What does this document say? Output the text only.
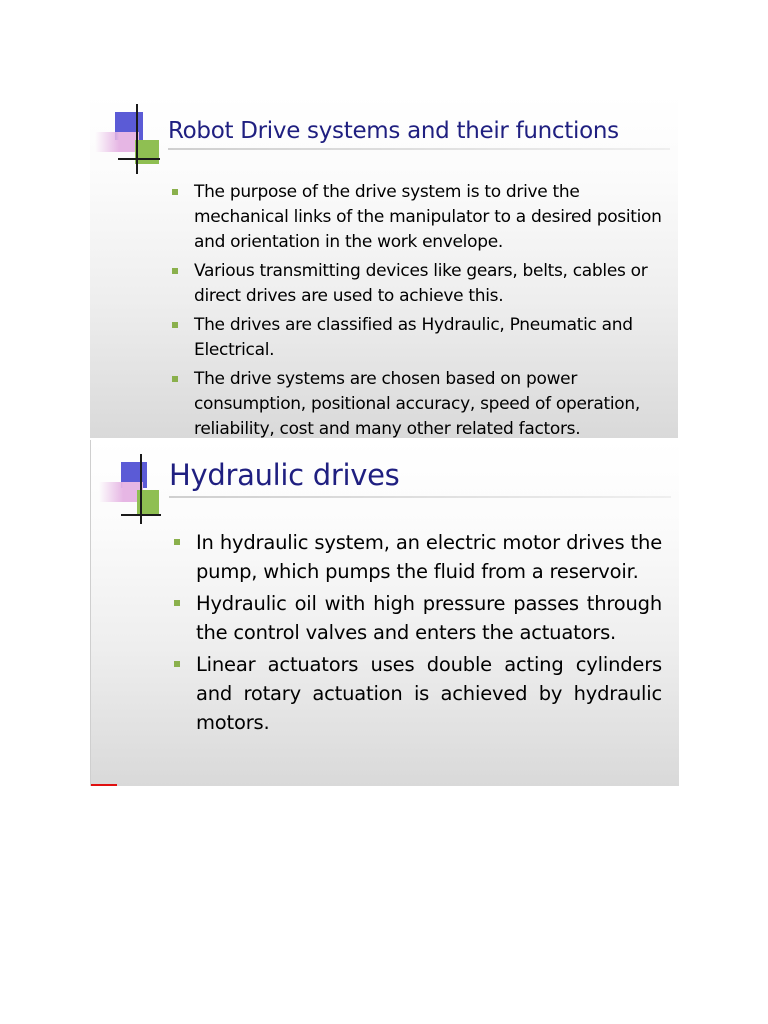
Robot Drive systems and their functions
The purpose of the drive system is to drive the mechanical links of the manipulator to a desired position and orientation in the work envelope.
Various transmitting devices like gears, belts, cables or direct drives are used to achieve this.
The drives are classified as Hydraulic, Pneumatic and Electrical.
The drive systems are chosen based on power consumption, positional accuracy, speed of operation, reliability, cost and many other related factors.
Hydraulic drives
In hydraulic system, an electric motor drives the pump, which pumps the fluid from a reservoir.
Hydraulic oil with high pressure passes through the control valves and enters the actuators.
Linear actuators uses double acting cylinders and rotary actuation is achieved by hydraulic motors.
